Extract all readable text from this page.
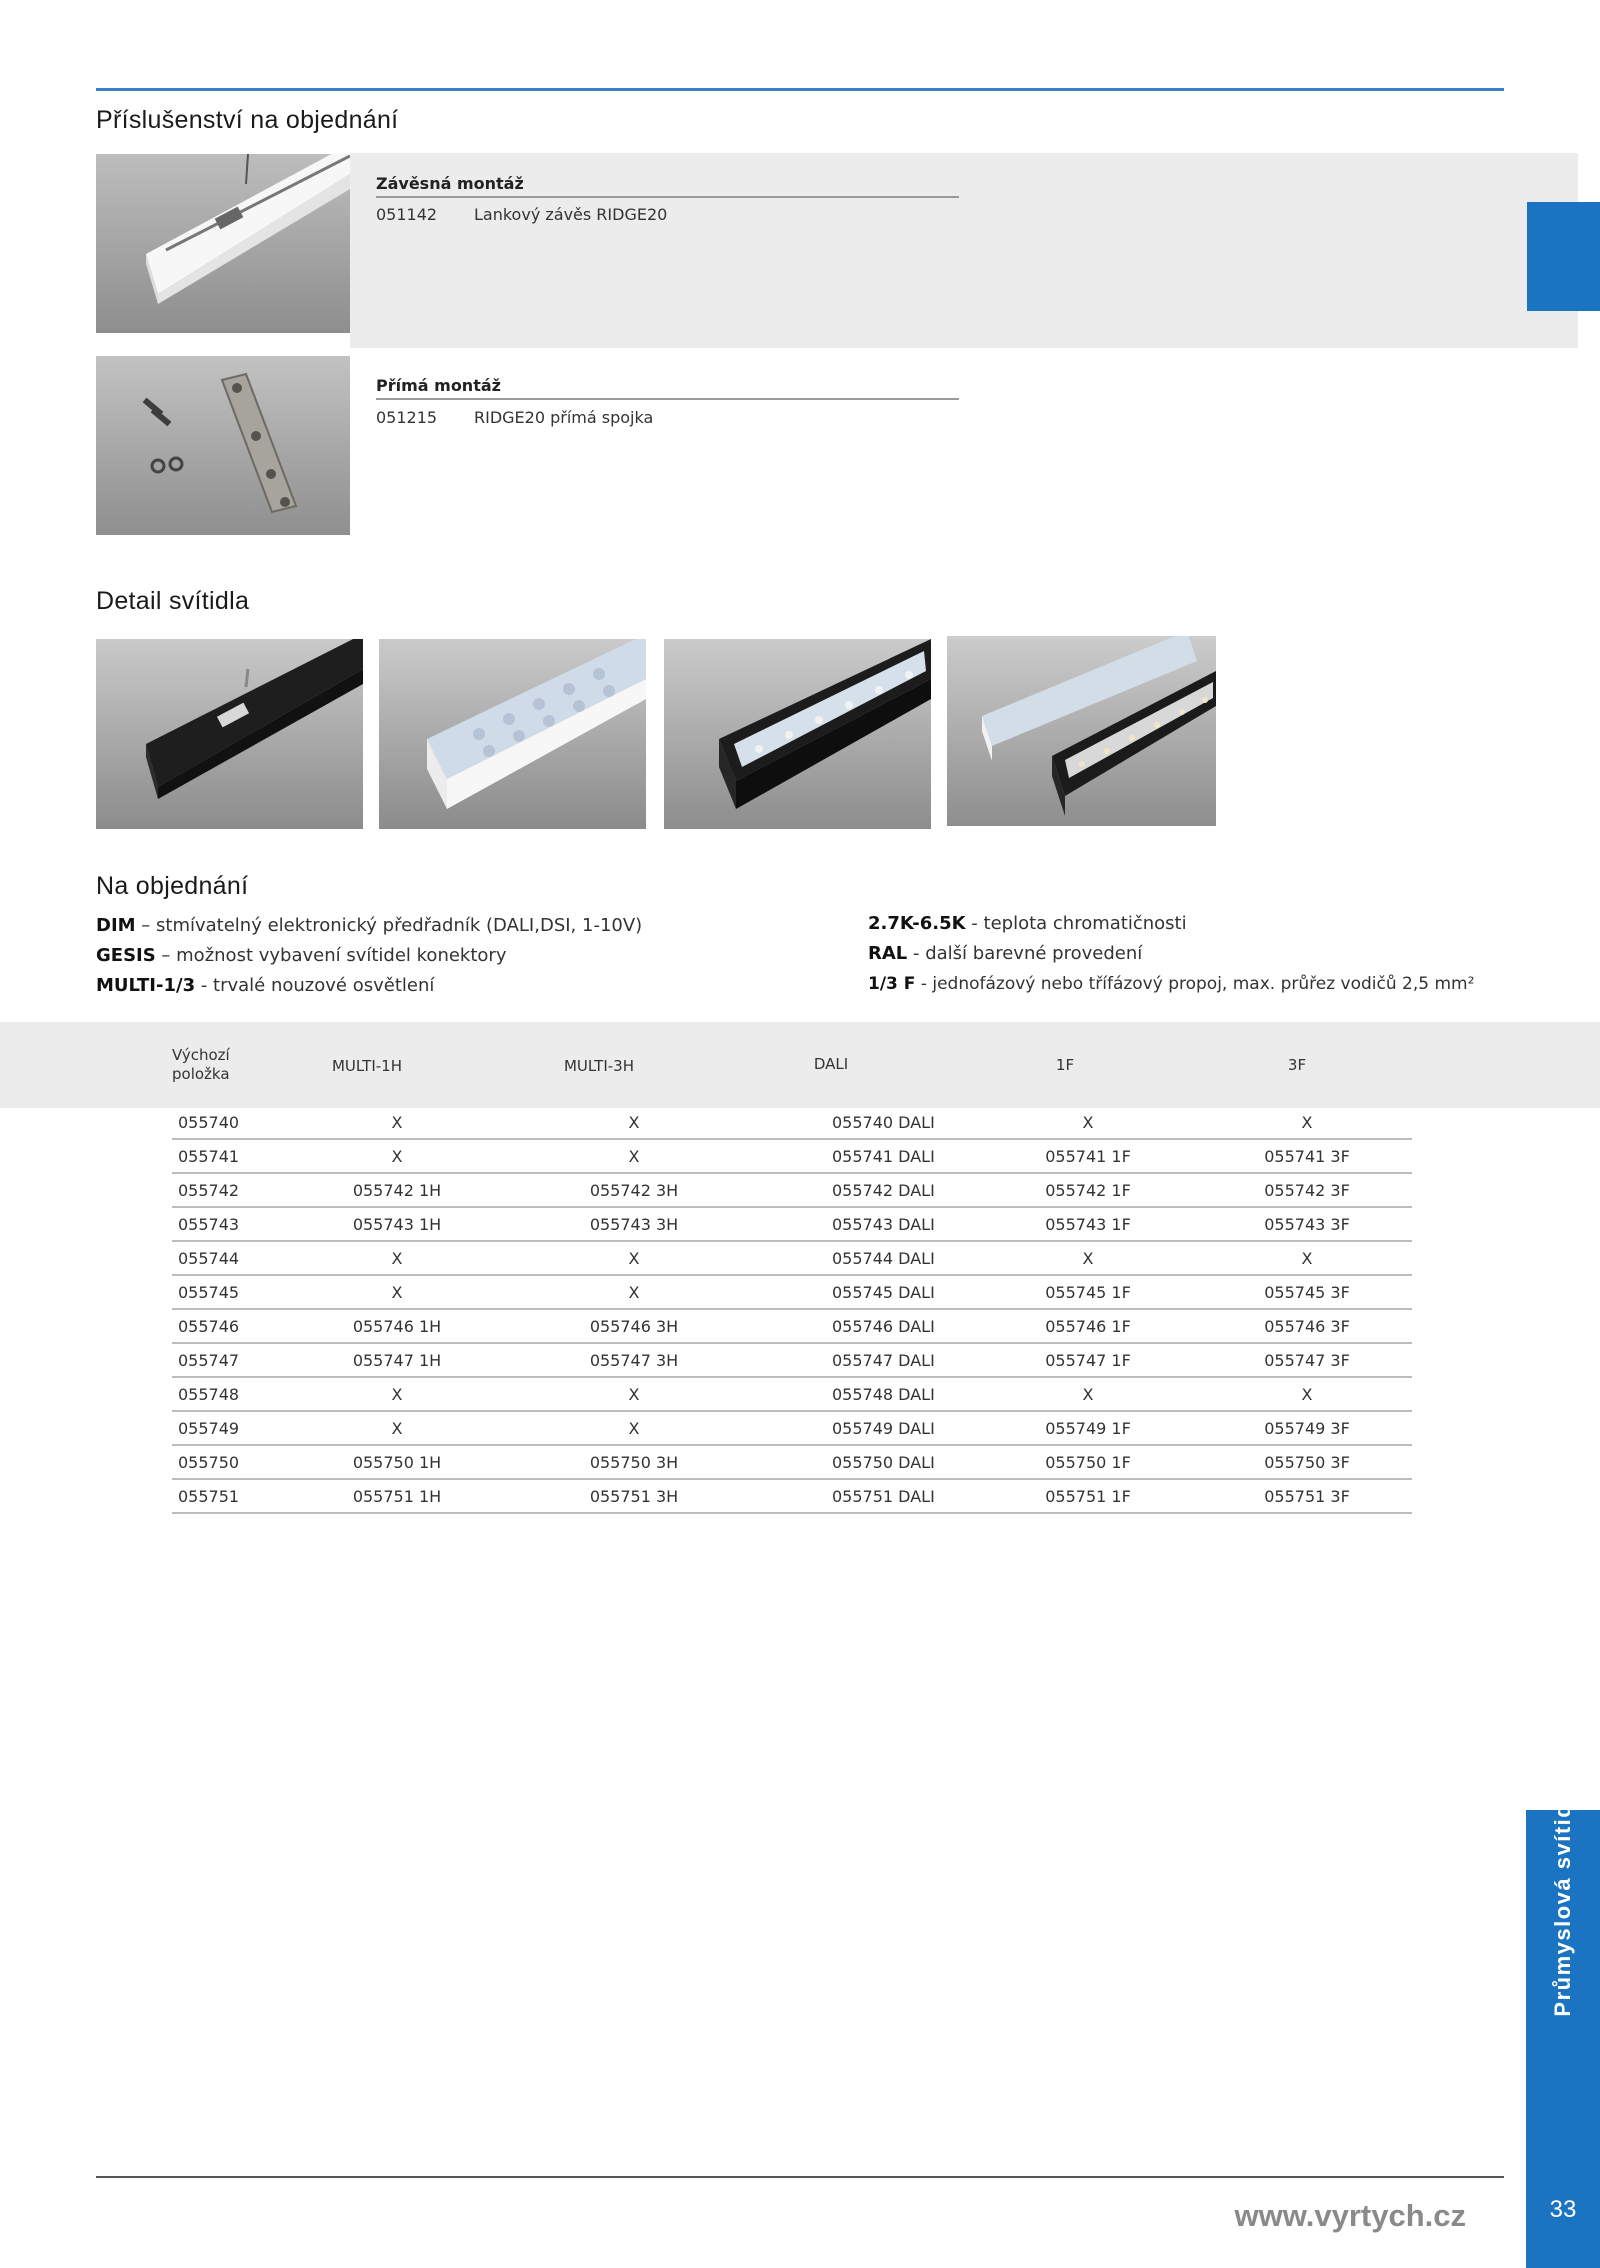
Příslušenství na objednání
Závěsná montáž
051142 Lankový závěs RIDGE20
Přímá montáž
051215 RIDGE20 přímá spojka
Detail svítidla
Na objednání
DIM – stmívatelný elektronický předřadník (DALI,DSI, 1-10V)
GESIS – možnost vybavení svítidel konektory
MULTI-1/3 - trvalé nouzové osvětlení
2.7K-6.5K - teplota chromatičnosti
RAL - další barevné provedení
1/3 F - jednofázový nebo třífázový propoj, max. průřez vodičů 2,5 mm²
Výchozí položka	MULTI-1H	MULTI-3H	DALI	1F	3F
055740	X	X	055740 DALI	X	X
055741	X	X	055741 DALI	055741 1F	055741 3F
055742	055742 1H	055742 3H	055742 DALI	055742 1F	055742 3F
055743	055743 1H	055743 3H	055743 DALI	055743 1F	055743 3F
055744	X	X	055744 DALI	X	X
055745	X	X	055745 DALI	055745 1F	055745 3F
055746	055746 1H	055746 3H	055746 DALI	055746 1F	055746 3F
055747	055747 1H	055747 3H	055747 DALI	055747 1F	055747 3F
055748	X	X	055748 DALI	X	X
055749	X	X	055749 DALI	055749 1F	055749 3F
055750	055750 1H	055750 3H	055750 DALI	055750 1F	055750 3F
055751	055751 1H	055751 3H	055751 DALI	055751 1F	055751 3F
Průmyslová svítidla
www.vyrtych.cz	33
